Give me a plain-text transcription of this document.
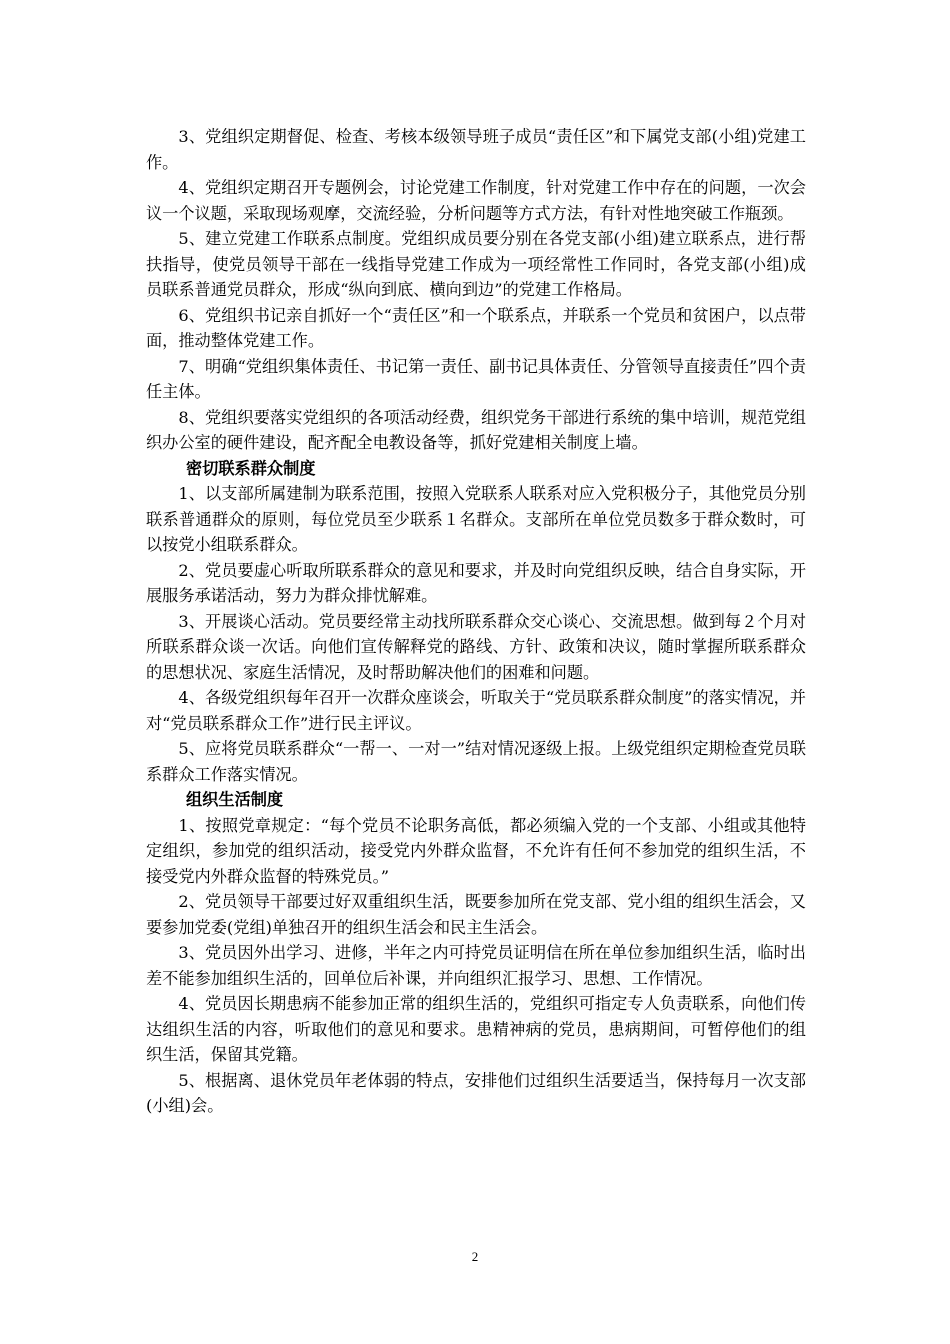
3、党组织定期督促、检查、考核本级领导班子成员“责任区”和下属党支部(小组)党建工作。

4、党组织定期召开专题例会，讨论党建工作制度，针对党建工作中存在的问题，一次会议一个议题，采取现场观摩，交流经验，分析问题等方式方法，有针对性地突破工作瓶颈。

5、建立党建工作联系点制度。党组织成员要分别在各党支部(小组)建立联系点，进行帮扶指导，使党员领导干部在一线指导党建工作成为一项经常性工作同时，各党支部(小组)成员联系普通党员群众，形成“纵向到底、横向到边”的党建工作格局。

6、党组织书记亲自抓好一个“责任区”和一个联系点，并联系一个党员和贫困户，以点带面，推动整体党建工作。

7、明确“党组织集体责任、书记第一责任、副书记具体责任、分管领导直接责任”四个责任主体。

8、党组织要落实党组织的各项活动经费，组织党务干部进行系统的集中培训，规范党组织办公室的硬件建设，配齐配全电教设备等，抓好党建相关制度上墙。

密切联系群众制度

1、以支部所属建制为联系范围，按照入党联系人联系对应入党积极分子，其他党员分别联系普通群众的原则，每位党员至少联系１名群众。支部所在单位党员数多于群众数时，可以按党小组联系群众。

2、党员要虚心听取所联系群众的意见和要求，并及时向党组织反映，结合自身实际，开展服务承诺活动，努力为群众排忧解难。

3、开展谈心活动。党员要经常主动找所联系群众交心谈心、交流思想。做到每２个月对所联系群众谈一次话。向他们宣传解释党的路线、方针、政策和决议，随时掌握所联系群众的思想状况、家庭生活情况，及时帮助解决他们的困难和问题。

4、各级党组织每年召开一次群众座谈会，听取关于“党员联系群众制度”的落实情况，并对“党员联系群众工作”进行民主评议。

5、应将党员联系群众“一帮一、一对一”结对情况逐级上报。上级党组织定期检查党员联系群众工作落实情况。

组织生活制度

1、按照党章规定：“每个党员不论职务高低，都必须编入党的一个支部、小组或其他特定组织，参加党的组织活动，接受党内外群众监督，不允许有任何不参加党的组织生活，不接受党内外群众监督的特殊党员。”

2、党员领导干部要过好双重组织生活，既要参加所在党支部、党小组的组织生活会，又要参加党委(党组)单独召开的组织生活会和民主生活会。

3、党员因外出学习、进修，半年之内可持党员证明信在所在单位参加组织生活，临时出差不能参加组织生活的，回单位后补课，并向组织汇报学习、思想、工作情况。

4、党员因长期患病不能参加正常的组织生活的，党组织可指定专人负责联系，向他们传达组织生活的内容，听取他们的意见和要求。患精神病的党员，患病期间，可暂停他们的组织生活，保留其党籍。

5、根据离、退休党员年老体弱的特点，安排他们过组织生活要适当，保持每月一次支部(小组)会。

2
